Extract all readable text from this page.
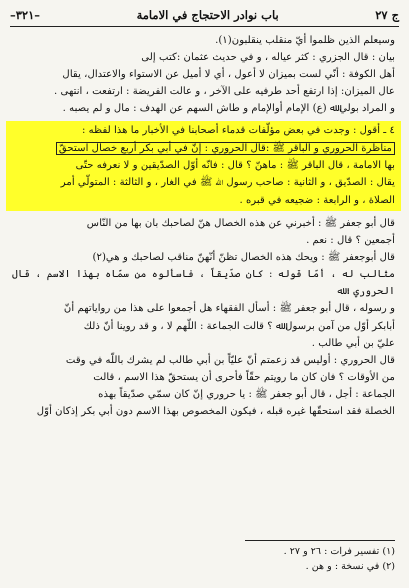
ج ٢٧
باب نوادر الاحتجاج في الامامة
–٣٢١–

وسيعلم الذين ظلموا أيّ منقلب ينقلبون(١).

بيان : قال الجزري : كثر عياله ، و في حديث عثمان :كتب إلى

أهل الكوفة : أنّي لست بميزان لا أعول ، أي لا أميل عن الاستواء والاعتدال، يقال

عال الميزان: إذا ارتفع أحد طرفيه على الآخر ، و عالت الفريضة : ارتفعت ، انتهى .

و المراد بولي ﷲ (ع) الإمام أوالإمام و طاش السهم عن الهدف : مال و لم يصبه .

٤ ـ أقول : وجدت في بعض مؤلّفات قدماء أصحابنا في الأخبار ما هذا لفظه :

مناظرة الحروري و الباقر ﷺ :قال الحروري : إنّ في أبي بكر أربع خصال استحقّ

بها الامامة ، قال الباقر ﷺ : ماهنّ ؟ قال : فانّه أوّل الصدّيقين و لا نعرفه حتّى

يقال : الصدّيق ، و الثانية : صاحب رسول ﷲ ﷺ في الغار ، و الثالثة : المتولّي أمر

الصلاة ، و الرابعة : ضجيعه في قبره .

قال أبو جعفر ﷺ : أخبرني عن هذه الخصال هنّ لصاحبك بان بها من النّاس

أجمعين ؟ قال : نعم .

قال أبوجعفر ﷺ : ويحك هذه الخصال تظنّ أنّهنّ مناقب لصاحبك و هي(٢)

مثالب له ، أمّا قوله : كان صدّيقاً ، فاسألوه من سمّاه بهذا الاسم ، قال الحروري : ﷲ

و رسوله ، قال أبو جعفر ﷺ : أسأل الفقهاء هل أجمعوا على هذا من رواياتهم أنّ

أبابكر أوّل من آمن برسول ﷲ ؟ قالت الجماعة : اللّهم لا ، و قد روينا أنّ ذلك

عليّ بن أبي طالب .

قال الحروري : أوليس قد زعمتم أنّ عليّاً بن أبي طالب لم يشرك باللّه في وقت

من الأوقات ؟ فان كان ما رويتم حقّاً فأحرى أن يستحقّ هذا الاسم ، قالت

الجماعة : أجل ، قال أبو جعفر ﷺ : يا حروري إنّ كان سمّي صدّيقاً بهذه

الخصلة فقد استحقّها غيره قبله ، فيكون المخصوص بهذا الاسم دون أبي بكر إذكان أوّل

(١) تفسير فرات : ٢٦ و ٢٧ .

(٢) في نسخة : و هن .
